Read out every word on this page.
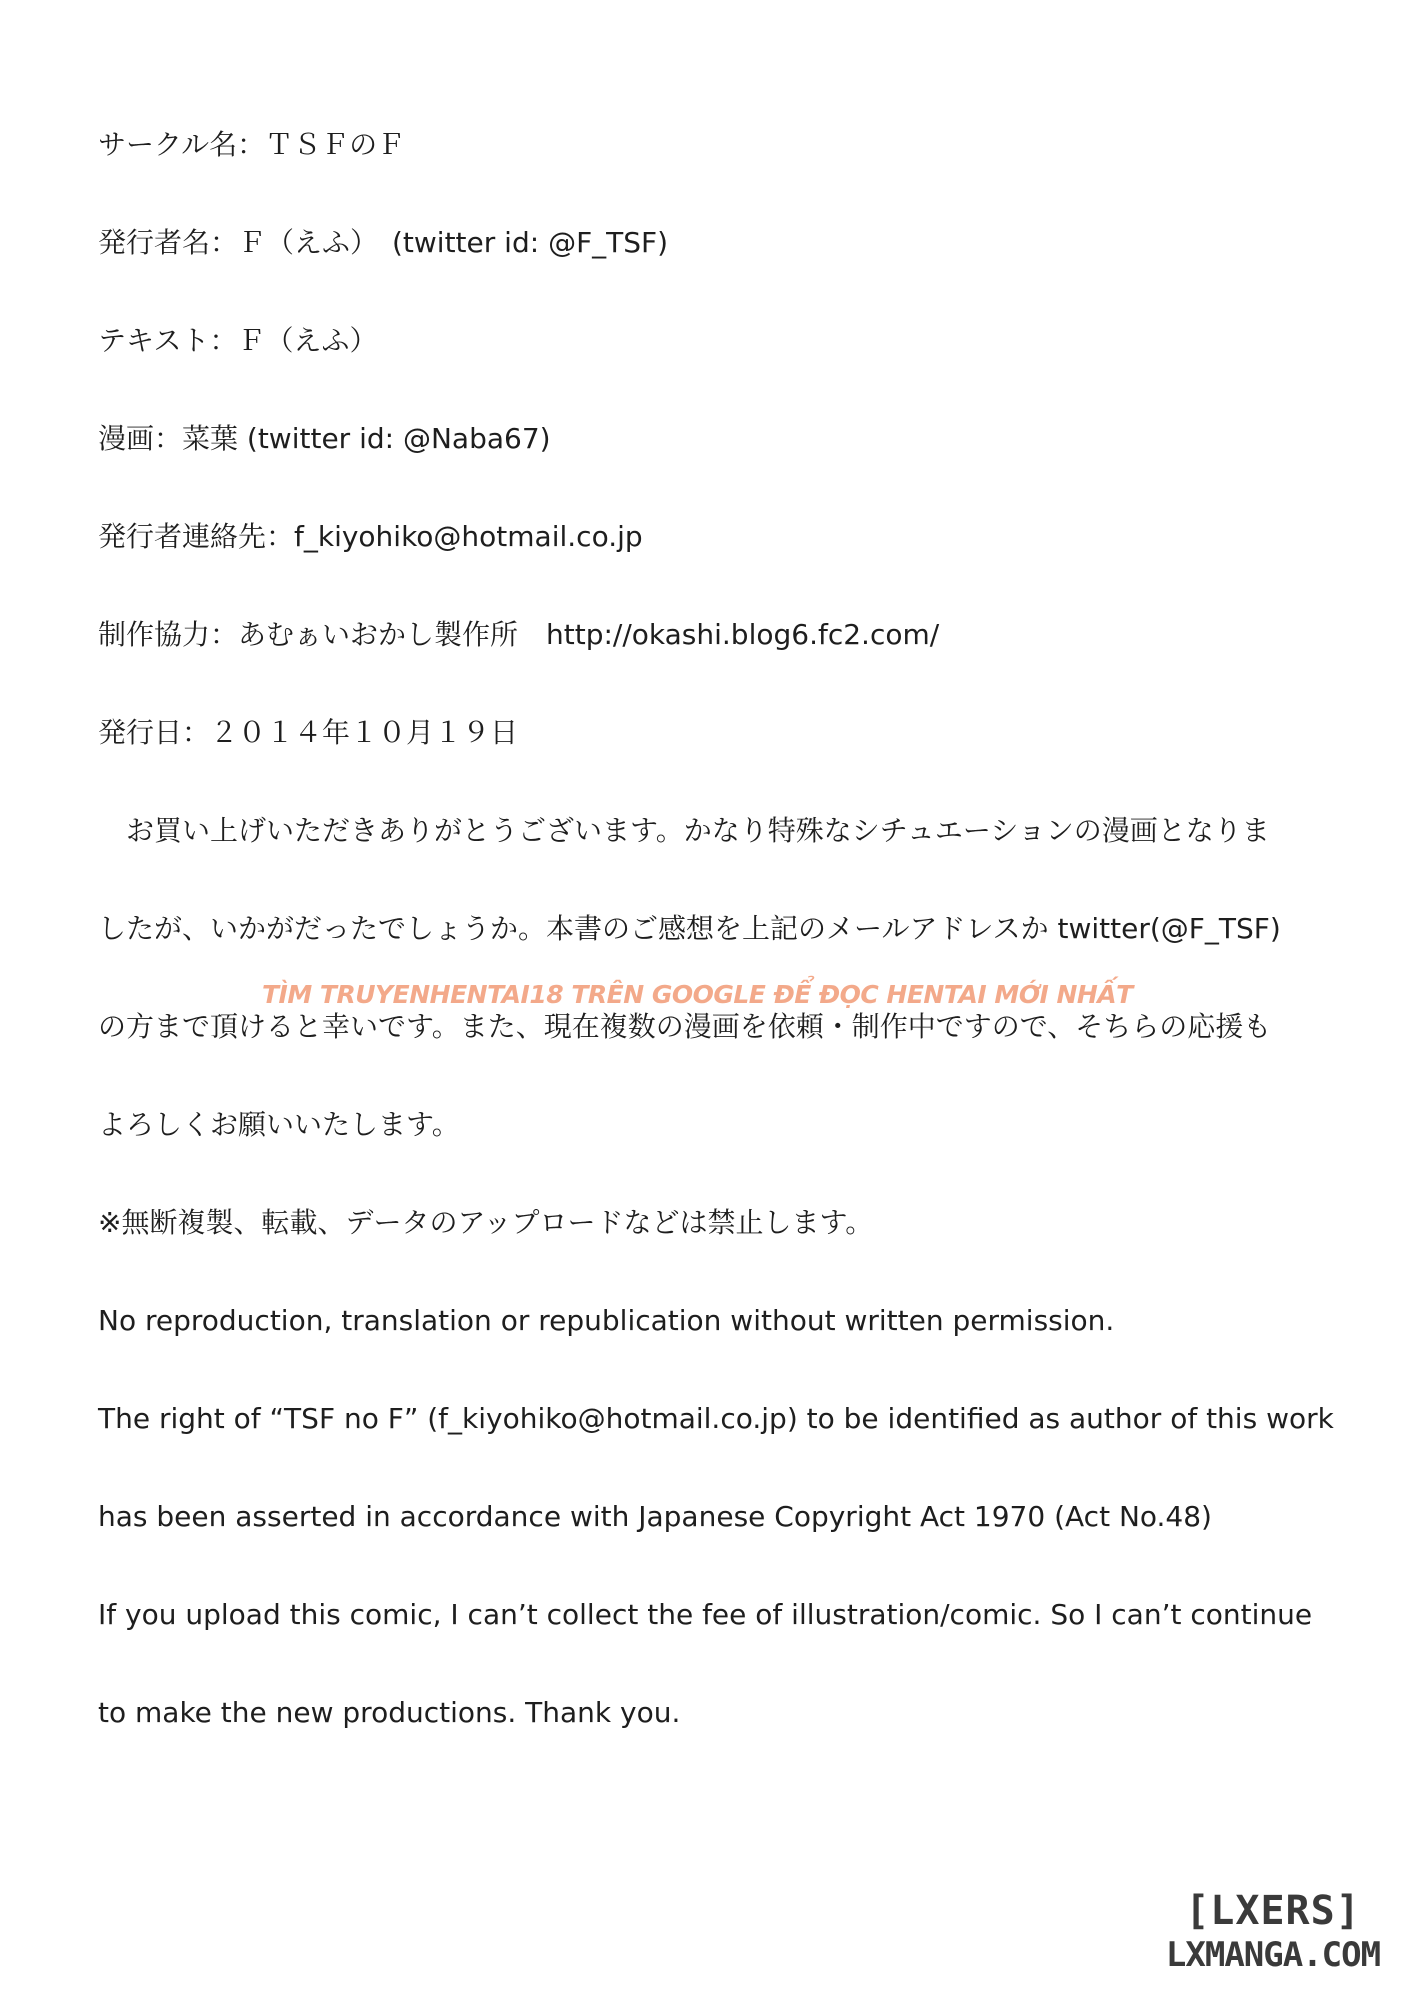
サークル名：ＴＳＦのＦ
発行者名：Ｆ（えふ）　(twitter id: @F_TSF)
テキスト：Ｆ（えふ）
漫画：菜葉 (twitter id: @Naba67)
発行者連絡先：f_kiyohiko@hotmail.co.jp
制作協力：あむぁいおかし製作所　http://okashi.blog6.fc2.com/
発行日：２０１４年１０月１９日
　お買い上げいただきありがとうございます。かなり特殊なシチュエーションの漫画となりま
したが、いかがだったでしょうか。本書のご感想を上記のメールアドレスか twitter(@F_TSF)
の方まで頂けると幸いです。また、現在複数の漫画を依頼・制作中ですので、そちらの応援も
よろしくお願いいたします。
※無断複製、転載、データのアップロードなどは禁止します。
No reproduction, translation or republication without written permission.
The right of “TSF no F” (f_kiyohiko@hotmail.co.jp) to be identified as author of this work
has been asserted in accordance with Japanese Copyright Act 1970 (Act No.48)
If you upload this comic, I can’t collect the fee of illustration/comic. So I can’t continue
to make the new productions. Thank you.
TÌM TRUYENHENTAI18 TRÊN GOOGLE ĐỂ ĐỌC HENTAI MỚI NHẤT
[LXERS]
LXMANGA.COM
